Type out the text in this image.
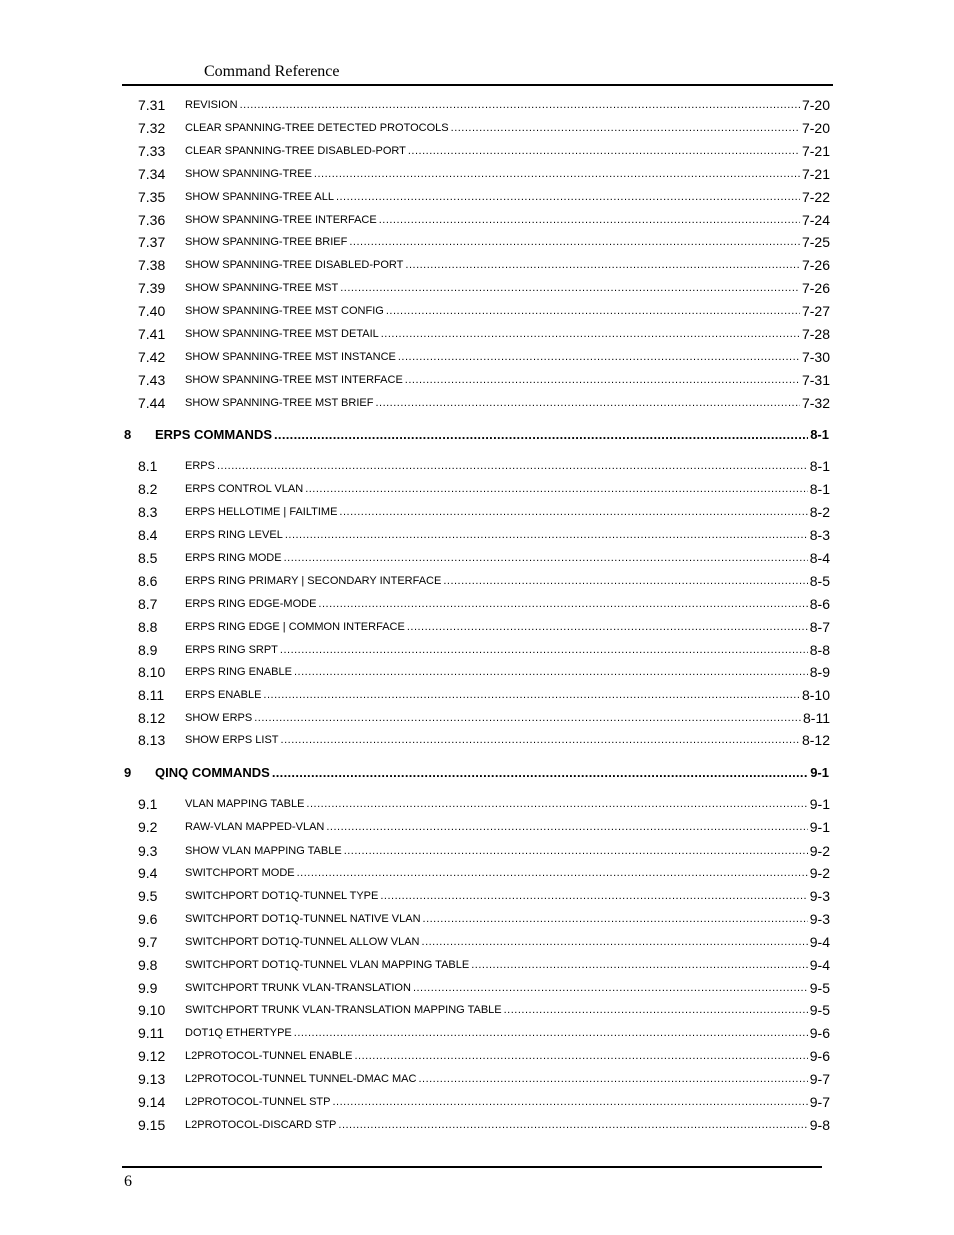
Command Reference
7.31	REVISION .....	7-20
7.32	CLEAR SPANNING-TREE DETECTED PROTOCOLS .....	7-20
7.33	CLEAR SPANNING-TREE DISABLED-PORT .....	7-21
7.34	SHOW SPANNING-TREE .....	7-21
7.35	SHOW SPANNING-TREE ALL .....	7-22
7.36	SHOW SPANNING-TREE INTERFACE .....	7-24
7.37	SHOW SPANNING-TREE BRIEF .....	7-25
7.38	SHOW SPANNING-TREE DISABLED-PORT .....	7-26
7.39	SHOW SPANNING-TREE MST .....	7-26
7.40	SHOW SPANNING-TREE MST CONFIG .....	7-27
7.41	SHOW SPANNING-TREE MST DETAIL .....	7-28
7.42	SHOW SPANNING-TREE MST INSTANCE .....	7-30
7.43	SHOW SPANNING-TREE MST INTERFACE .....	7-31
7.44	SHOW SPANNING-TREE MST BRIEF .....	7-32
8	ERPS COMMANDS .....	8-1
8.1	ERPS .....	8-1
8.2	ERPS CONTROL VLAN .....	8-1
8.3	ERPS HELLOTIME | FAILTIME .....	8-2
8.4	ERPS RING LEVEL .....	8-3
8.5	ERPS RING MODE .....	8-4
8.6	ERPS RING PRIMARY | SECONDARY INTERFACE .....	8-5
8.7	ERPS RING EDGE-MODE .....	8-6
8.8	ERPS RING EDGE | COMMON INTERFACE .....	8-7
8.9	ERPS RING SRPT .....	8-8
8.10	ERPS RING ENABLE .....	8-9
8.11	ERPS ENABLE .....	8-10
8.12	SHOW ERPS .....	8-11
8.13	SHOW ERPS LIST .....	8-12
9	QINQ COMMANDS .....	9-1
9.1	VLAN MAPPING TABLE .....	9-1
9.2	RAW-VLAN MAPPED-VLAN .....	9-1
9.3	SHOW VLAN MAPPING TABLE .....	9-2
9.4	SWITCHPORT MODE .....	9-2
9.5	SWITCHPORT DOT1Q-TUNNEL TYPE .....	9-3
9.6	SWITCHPORT DOT1Q-TUNNEL NATIVE VLAN .....	9-3
9.7	SWITCHPORT DOT1Q-TUNNEL ALLOW VLAN .....	9-4
9.8	SWITCHPORT DOT1Q-TUNNEL VLAN MAPPING TABLE .....	9-4
9.9	SWITCHPORT TRUNK VLAN-TRANSLATION .....	9-5
9.10	SWITCHPORT TRUNK VLAN-TRANSLATION MAPPING TABLE .....	9-5
9.11	DOT1Q ETHERTYPE .....	9-6
9.12	L2PROTOCOL-TUNNEL ENABLE .....	9-6
9.13	L2PROTOCOL-TUNNEL TUNNEL-DMAC MAC .....	9-7
9.14	L2PROTOCOL-TUNNEL STP .....	9-7
9.15	L2PROTOCOL-DISCARD STP .....	9-8
6
